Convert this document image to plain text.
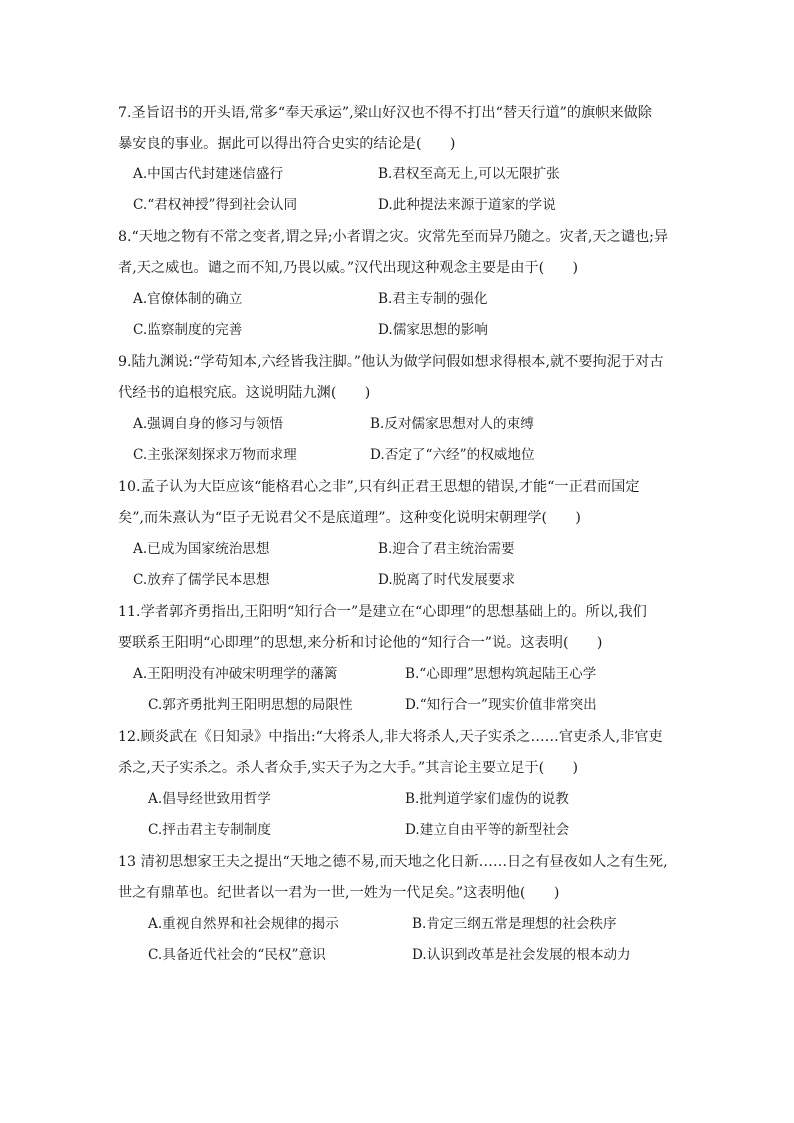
7.圣旨诏书的开头语,常多“奉天承运”,梁山好汉也不得不打出“替天行道”的旗帜来做除

暴安良的事业。据此可以得出符合史实的结论是(　　)

A.中国古代封建迷信盛行	B.君权至高无上,可以无限扩张
C.“君权神授”得到社会认同	D.此种提法来源于道家的学说

8.“天地之物有不常之变者,谓之异;小者谓之灾。灾常先至而异乃随之。灾者,天之谴也;异

者,天之威也。谴之而不知,乃畏以威。”汉代出现这种观念主要是由于(　　)

A.官僚体制的确立	B.君主专制的强化
C.监察制度的完善	D.儒家思想的影响

9.陆九渊说:“学苟知本,六经皆我注脚。”他认为做学问假如想求得根本,就不要拘泥于对古

代经书的追根究底。这说明陆九渊(　　)

A.强调自身的修习与领悟	B.反对儒家思想对人的束缚
C.主张深刻探求万物而求理	D.否定了“六经”的权威地位

10.孟子认为大臣应该“能格君心之非”,只有纠正君王思想的错误,才能“一正君而国定

矣”,而朱熹认为“臣子无说君父不是底道理”。这种变化说明宋朝理学(　　)

A.已成为国家统治思想	B.迎合了君主统治需要
C.放弃了儒学民本思想	D.脱离了时代发展要求

11.学者郭齐勇指出,王阳明“知行合一”是建立在“心即理”的思想基础上的。所以,我们

要联系王阳明“心即理”的思想,来分析和讨论他的“知行合一”说。这表明(　　)

A.王阳明没有冲破宋明理学的藩篱	B.“心即理”思想构筑起陆王心学
C.郭齐勇批判王阳明思想的局限性	D.“知行合一”现实价值非常突出

12.顾炎武在《日知录》中指出:“大将杀人,非大将杀人,天子实杀之……官吏杀人,非官吏

杀之,天子实杀之。杀人者众手,实天子为之大手。”其言论主要立足于(　　)

A.倡导经世致用哲学	B.批判道学家们虚伪的说教
C.抨击君主专制制度	D.建立自由平等的新型社会

13 清初思想家王夫之提出“天地之德不易,而天地之化日新……日之有昼夜如人之有生死,

世之有鼎革也。纪世者以一君为一世,一姓为一代足矣。”这表明他(　　)

A.重视自然界和社会规律的揭示	B.肯定三纲五常是理想的社会秩序
C.具备近代社会的“民权”意识	D.认识到改革是社会发展的根本动力
